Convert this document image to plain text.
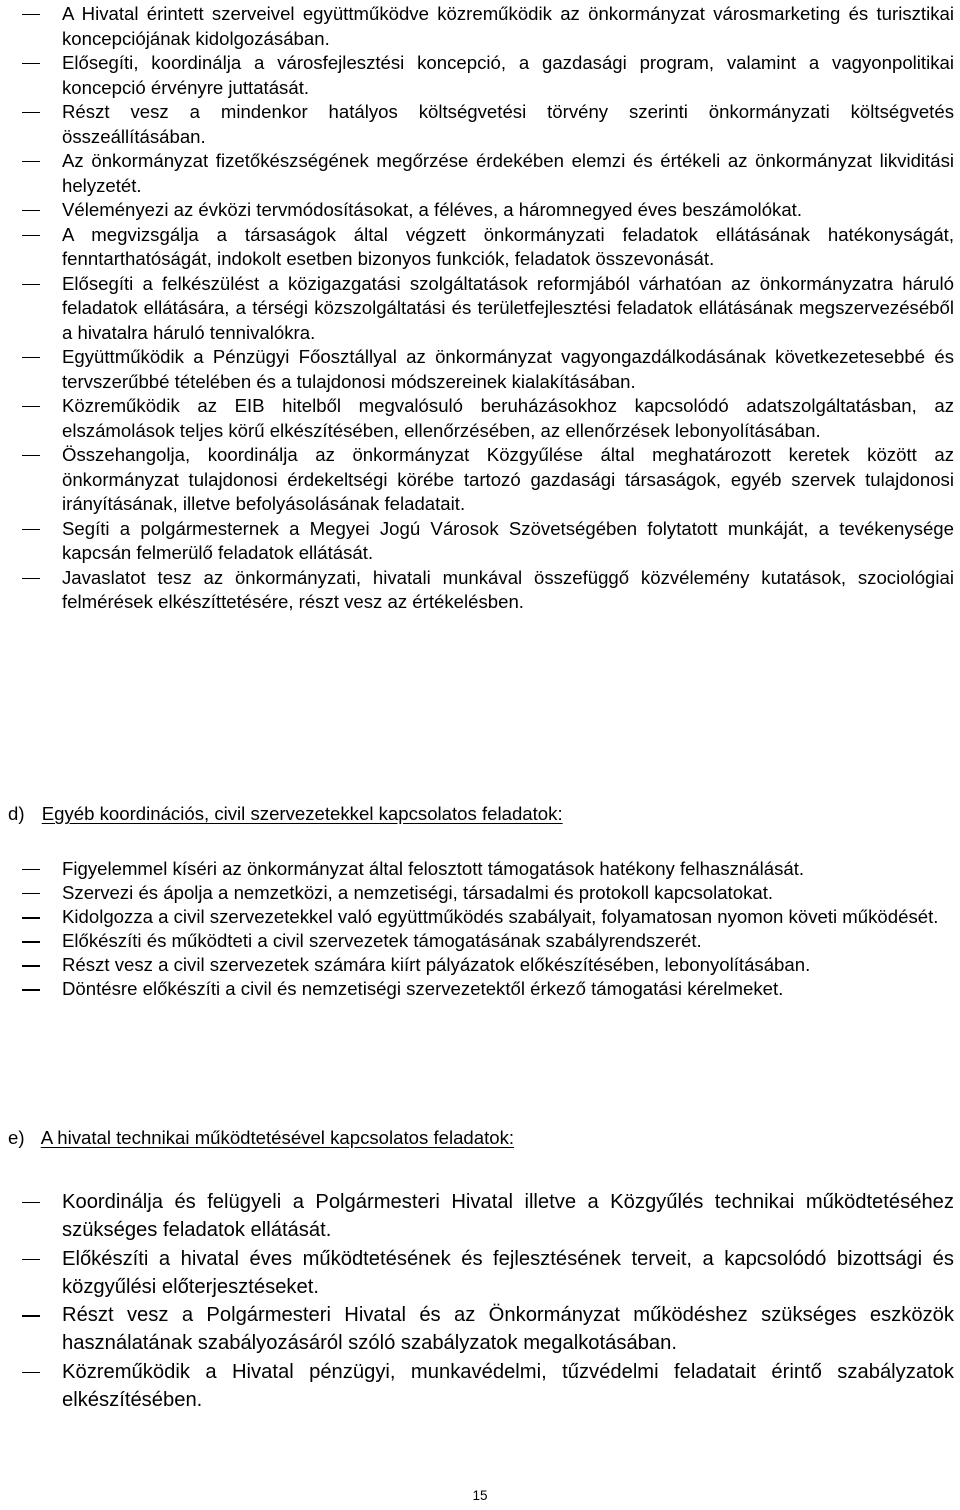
A Hivatal érintett szerveivel együttműködve közreműködik az önkormányzat városmarketing és turisztikai koncepciójának kidolgozásában.
Elősegíti, koordinálja a városfejlesztési koncepció, a gazdasági program, valamint a vagyonpolitikai koncepció érvényre juttatását.
Részt vesz a mindenkor hatályos költségvetési törvény szerinti önkormányzati költségvetés összeállításában.
Az önkormányzat fizetőkészségének megőrzése érdekében elemzi és értékeli az önkormányzat likviditási helyzetét.
Véleményezi az évközi tervmódosításokat, a féléves, a háromnegyed éves beszámolókat.
A megvizsgálja a társaságok által végzett önkormányzati feladatok ellátásának hatékonyságát, fenntarthatóságát, indokolt esetben bizonyos funkciók, feladatok összevonását.
Elősegíti a felkészülést a közigazgatási szolgáltatások reformjából várhatóan az önkormányzatra háruló feladatok ellátására, a térségi közszolgáltatási és területfejlesztési feladatok ellátásának megszervezéséből a hivatalra háruló tennivalókra.
Együttműködik a Pénzügyi Főosztállyal az önkormányzat vagyongazdálkodásának következetesebbé és tervszerűbbé tételében és a tulajdonosi módszereinek kialakításában.
Közreműködik az EIB hitelből megvalósuló beruházásokhoz kapcsolódó adatszolgáltatásban, az elszámolások teljes körű elkészítésében, ellenőrzésében, az ellenőrzések lebonyolításában.
Összehangolja, koordinálja az önkormányzat Közgyűlése által meghatározott keretek között az önkormányzat tulajdonosi érdekeltségi körébe tartozó gazdasági társaságok, egyéb szervek tulajdonosi irányításának, illetve befolyásolásának feladatait.
Segíti a polgármesternek a Megyei Jogú Városok Szövetségében folytatott munkáját, a tevékenysége kapcsán felmerülő feladatok ellátását.
Javaslatot tesz az önkormányzati, hivatali munkával összefüggő közvélemény kutatások, szociológiai felmérések elkészíttetésére, részt vesz az értékelésben.
d) Egyéb koordinációs, civil szervezetekkel kapcsolatos feladatok:
Figyelemmel kíséri az önkormányzat által felosztott támogatások hatékony felhasználását.
Szervezi és ápolja a nemzetközi, a nemzetiségi, társadalmi és protokoll kapcsolatokat.
Kidolgozza a civil szervezetekkel való együttműködés szabályait, folyamatosan nyomon követi működését.
Előkészíti és működteti a civil szervezetek támogatásának szabályrendszerét.
Részt vesz a civil szervezetek számára kiírt pályázatok előkészítésében, lebonyolításában.
Döntésre előkészíti a civil és nemzetiségi szervezetektől érkező támogatási kérelmeket.
e) A hivatal technikai működtetésével kapcsolatos feladatok:
Koordinálja és felügyeli a Polgármesteri Hivatal illetve a Közgyűlés technikai működtetéséhez szükséges feladatok ellátását.
Előkészíti a hivatal éves működtetésének és fejlesztésének terveit, a kapcsolódó bizottsági és közgyűlési előterjesztéseket.
Részt vesz a Polgármesteri Hivatal és az Önkormányzat működéshez szükséges eszközök használatának szabályozásáról szóló szabályzatok megalkotásában.
Közreműködik a Hivatal pénzügyi, munkavédelmi, tűzvédelmi feladatait érintő szabályzatok elkészítésében.
15
